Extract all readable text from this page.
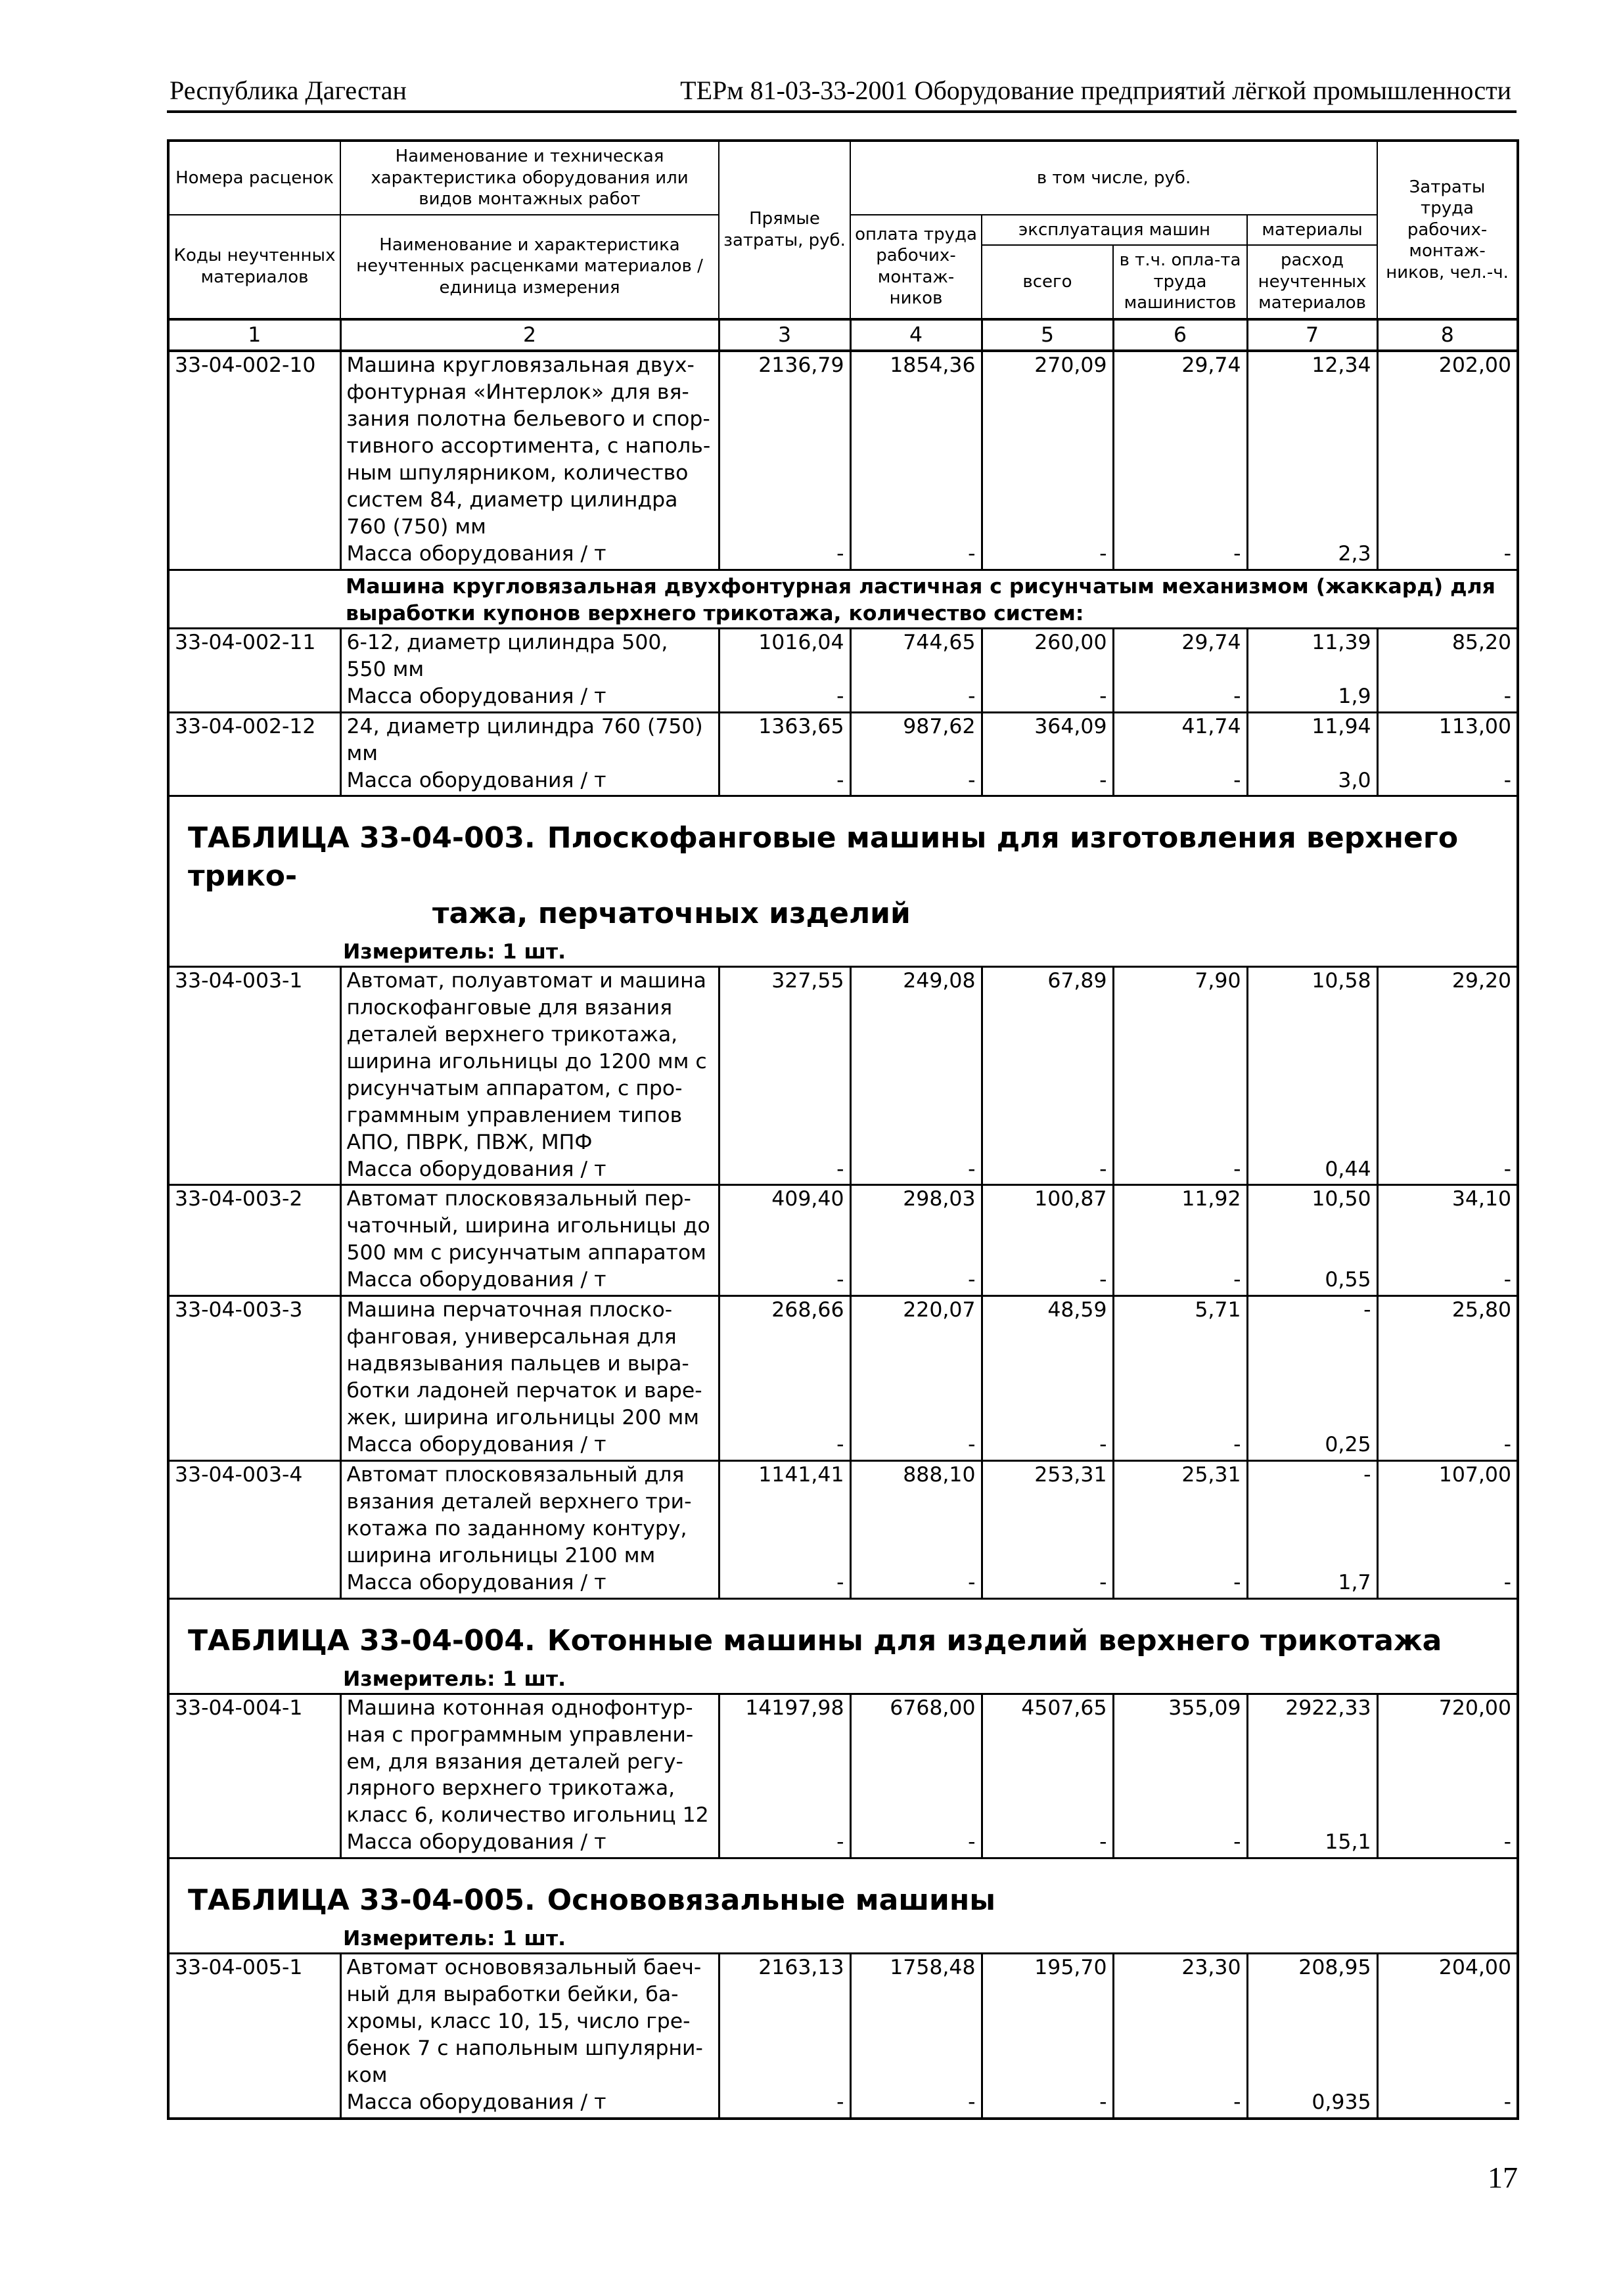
Республика Дагестан	ТЕРм 81-03-33-2001 Оборудование предприятий лёгкой промышленности
Номера расценок	Наименование и техническая характеристика оборудования или видов монтажных работ	Прямые затраты, руб.	в том числе, руб.				Затраты труда рабочих-монтаж-ников, чел.-ч.
Коды неучтенных материалов	Наименование и характеристика неучтенных расценками материалов / единица измерения		оплата труда рабочих-монтаж-ников	эксплуатация машин		материалы	
				всего	в т.ч. опла-та труда машинистов	расход неучтенных материалов	
1	2	3	4	5	6	7	8
33-04-002-10	Машина кругловязальная двух-фонтурная «Интерлок» для вя-зания полотна бельевого и спор-тивного ассортимента, с наполь-ным шпулярником, количество систем 84, диаметр цилиндра 760 (750) мм	2136,79	1854,36	270,09	29,74	12,34	202,00
	Масса оборудования / т	-	-	-	-	2,3	-
	Машина кругловязальная двухфонтурная ластичная с рисунчатым механизмом (жаккард) для выработки купонов верхнего трикотажа, количество систем:						
33-04-002-11	6-12, диаметр цилиндра 500, 550 мм	1016,04	744,65	260,00	29,74	11,39	85,20
	Масса оборудования / т	-	-	-	-	1,9	-
33-04-002-12	24, диаметр цилиндра 760 (750) мм	1363,65	987,62	364,09	41,74	11,94	113,00
	Масса оборудования / т	-	-	-	-	3,0	-
ТАБЛИЦА 33-04-003. Плоскофанговые машины для изготовления верхнего трико-
тажа, перчаточных изделий							

Измеритель: 1 шт.							
33-04-003-1	Автомат, полуавтомат и машина плоскофанговые для вязания деталей верхнего трикотажа, ширина игольницы до 1200 мм с рисунчатым аппаратом, с про-граммным управлением типов АПО, ПВРК, ПВЖ, МПФ	327,55	249,08	67,89	7,90	10,58	29,20
	Масса оборудования / т	-	-	-	-	0,44	-
33-04-003-2	Автомат плосковязальный пер-чаточный, ширина игольницы до 500 мм с рисунчатым аппаратом	409,40	298,03	100,87	11,92	10,50	34,10
	Масса оборудования / т	-	-	-	-	0,55	-
33-04-003-3	Машина перчаточная плоско-фанговая, универсальная для надвязывания пальцев и выра-ботки ладоней перчаток и варе-жек, ширина игольницы 200 мм	268,66	220,07	48,59	5,71	-	25,80
	Масса оборудования / т	-	-	-	-	0,25	-
33-04-003-4	Автомат плосковязальный для вязания деталей верхнего три-котажа по заданному контуру, ширина игольницы 2100 мм	1141,41	888,10	253,31	25,31	-	107,00
	Масса оборудования / т	-	-	-	-	1,7	-
ТАБЛИЦА 33-04-004. Котонные машины для изделий верхнего трикотажа							
Измеритель: 1 шт.							
33-04-004-1	Машина котонная однофонтур-ная с программным управлени-ем, для вязания деталей регу-лярного верхнего трикотажа, класс 6, количество игольниц 12	14197,98	6768,00	4507,65	355,09	2922,33	720,00
	Масса оборудования / т	-	-	-	-	15,1	-
ТАБЛИЦА 33-04-005. Основовязальные машины							
Измеритель: 1 шт.							
33-04-005-1	Автомат основовязальный баеч-ный для выработки бейки, ба-хромы, класс 10, 15, число гре-бенок 7 с напольным шпулярни-ком	2163,13	1758,48	195,70	23,30	208,95	204,00
	Масса оборудования / т	-	-	-	-	0,935	-
17
